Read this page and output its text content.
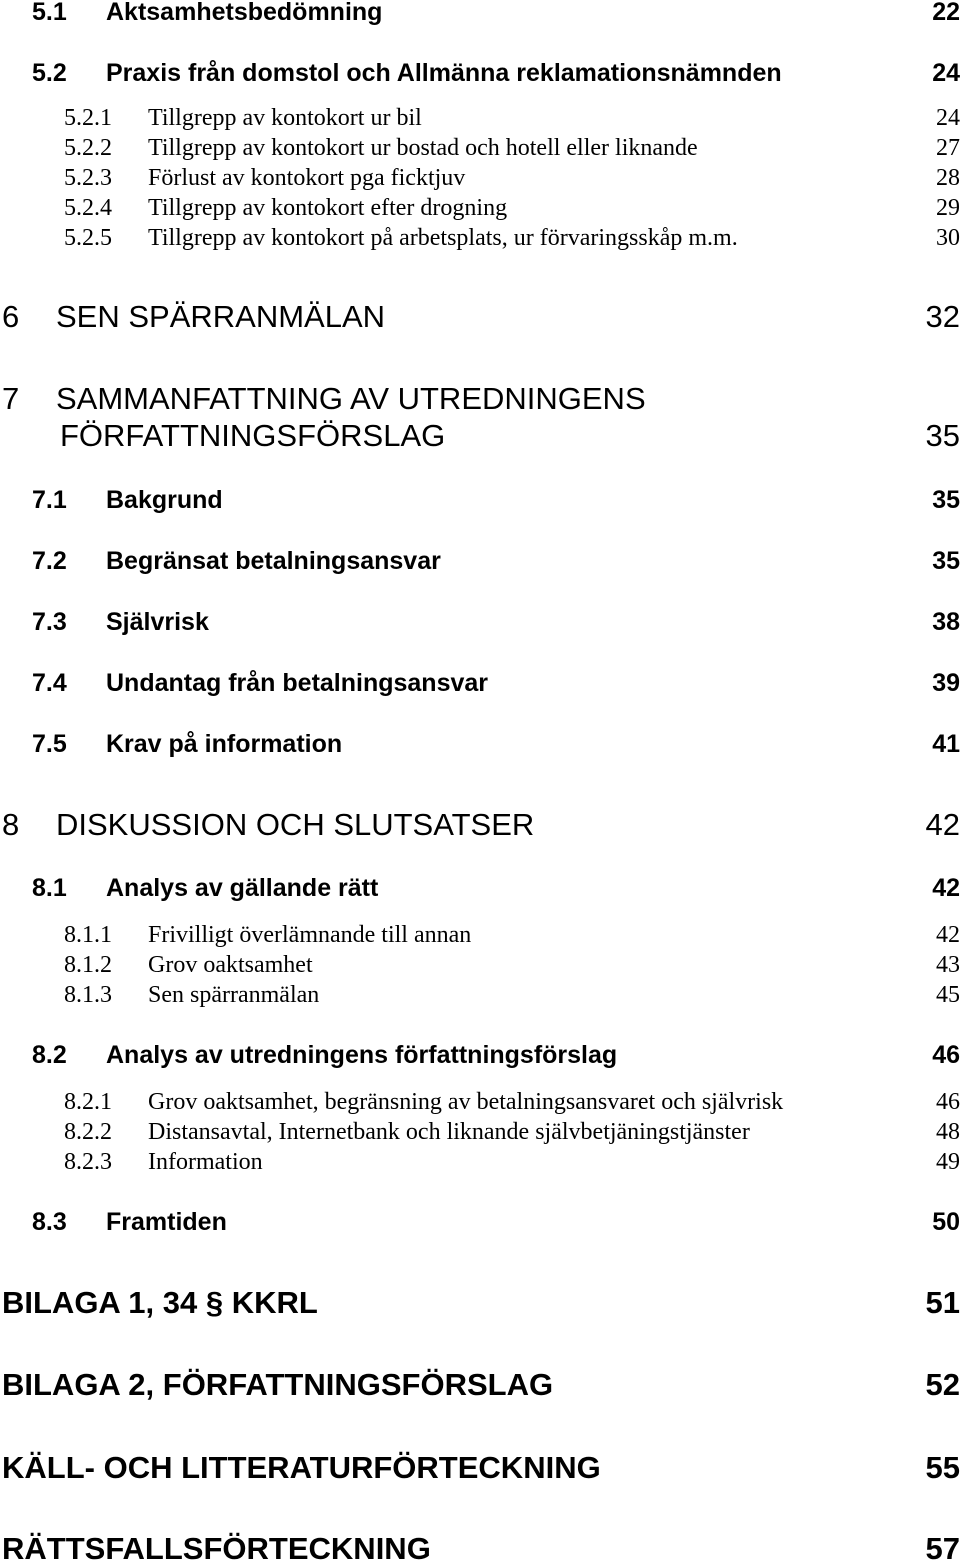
5.1 Aktsamhetsbedömning	22
5.2 Praxis från domstol och Allmänna reklamationsnämnden	24
5.2.1 Tillgrepp av kontokort ur bil	24
5.2.2 Tillgrepp av kontokort ur bostad och hotell eller liknande	27
5.2.3 Förlust av kontokort pga ficktjuv	28
5.2.4 Tillgrepp av kontokort efter drogning	29
5.2.5 Tillgrepp av kontokort på arbetsplats, ur förvaringsskåp m.m.	30
6 SEN SPÄRRANMÄLAN	32
7 SAMMANFATTNING AV UTREDNINGENS
FÖRFATTNINGSFÖRSLAG	35
7.1 Bakgrund	35
7.2 Begränsat betalningsansvar	35
7.3 Självrisk	38
7.4 Undantag från betalningsansvar	39
7.5 Krav på information	41
8 DISKUSSION OCH SLUTSATSER	42
8.1 Analys av gällande rätt	42
8.1.1 Frivilligt överlämnande till annan	42
8.1.2 Grov oaktsamhet	43
8.1.3 Sen spärranmälan	45
8.2 Analys av utredningens författningsförslag	46
8.2.1 Grov oaktsamhet, begränsning av betalningsansvaret och självrisk	46
8.2.2 Distansavtal, Internetbank och liknande självbetjäningstjänster	48
8.2.3 Information	49
8.3 Framtiden	50
BILAGA 1, 34 § KKRL	51
BILAGA 2, FÖRFATTNINGSFÖRSLAG	52
KÄLL- OCH LITTERATURFÖRTECKNING	55
RÄTTSFALLSFÖRTECKNING	57
